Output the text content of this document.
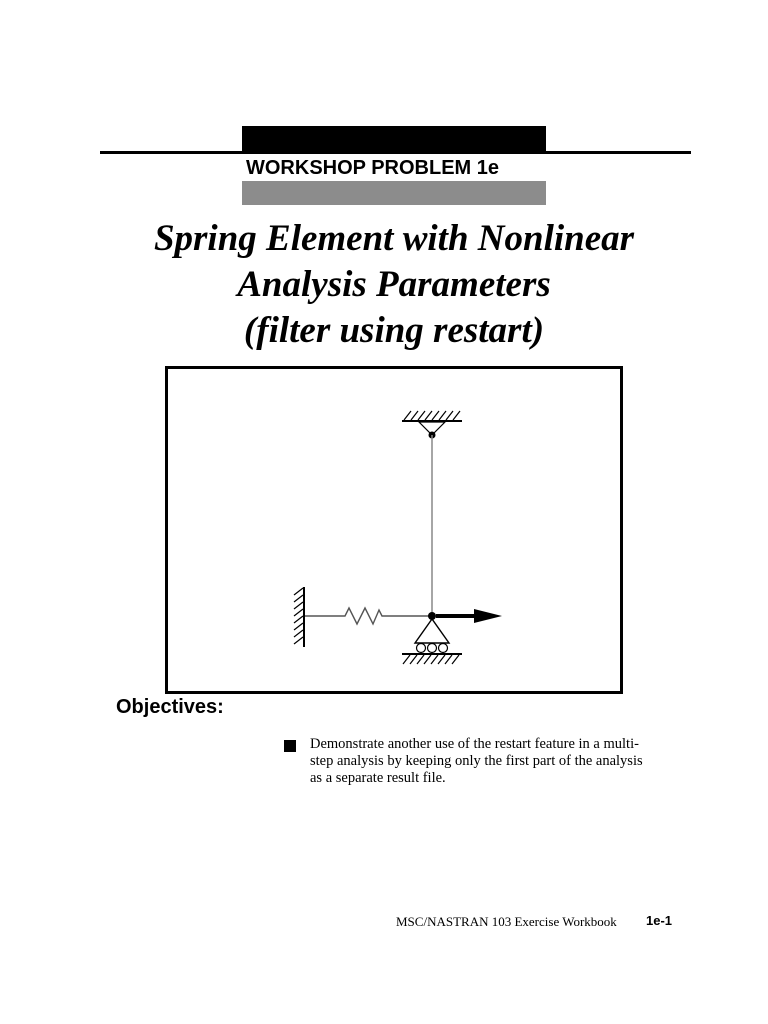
WORKSHOP PROBLEM 1e
Spring Element with Nonlinear
Analysis Parameters
(filter using restart)
Objectives:
Demonstrate another use of the restart feature in a multi-
step analysis by keeping only the first part of the analysis
as a separate result file.
MSC/NASTRAN 103 Exercise Workbook 1e-1
